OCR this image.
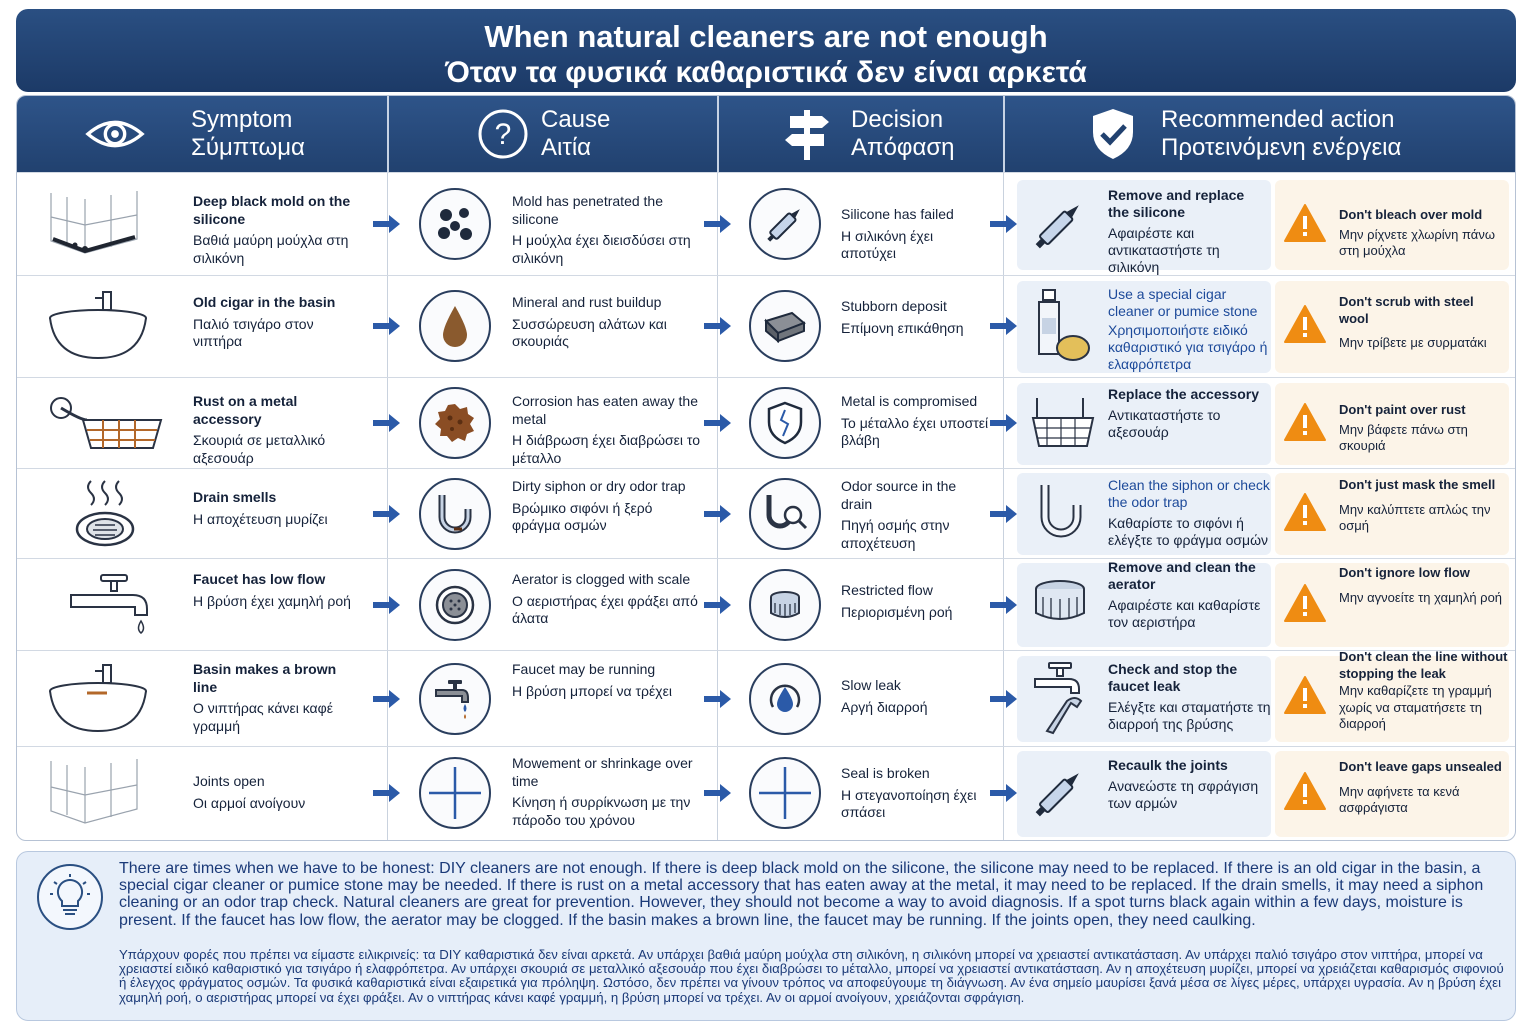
When natural cleaners are not enough
Όταν τα φυσικά καθαριστικά δεν είναι αρκετά
Symptom
Σύμπτωμα	? Cause
Αιτία
Decision
Απόφαση
Recommended action
Προτεινόμενη ενέργεια
Deep black mold on the silicone
Βαθιά μαύρη μούχλα στη σιλικόνη
Mold has penetrated the silicone
Η μούχλα έχει διεισδύσει στη σιλικόνη
Silicone has failed
Η σιλικόνη έχει αποτύχει
Remove and replace the silicone
Αφαιρέστε και αντικαταστήστε τη σιλικόνη
Don't bleach over mold
Μην ρίχνετε χλωρίνη πάνω στη μούχλα
Old cigar in the basin
Παλιό τσιγάρο στον νιπτήρα
Mineral and rust buildup
Συσσώρευση αλάτων και σκουριάς
Stubborn deposit
Επίμονη επικάθηση
Use a special cigar cleaner or pumice stone
Χρησιμοποιήστε ειδικό καθαριστικό για τσιγάρο ή ελαφρόπετρα
Don't scrub with steel wool
Μην τρίβετε με συρματάκι
Rust on a metal accessory
Σκουριά σε μεταλλικό αξεσουάρ
Corrosion has eaten away the metal
Η διάβρωση έχει διαβρώσει το μέταλλο
Metal is compromised
Το μέταλλο έχει υποστεί βλάβη
Replace the accessory
Αντικαταστήστε το αξεσουάρ
Don't paint over rust
Μην βάφετε πάνω στη σκουριά
Drain smells
Η αποχέτευση μυρίζει
Dirty siphon or dry odor trap
Βρώμικο σιφόνι ή ξερό φράγμα οσμών
Odor source in the drain
Πηγή οσμής στην αποχέτευση
Clean the siphon or check the odor trap
Καθαρίστε το σιφόνι ή ελέγξτε το φράγμα οσμών
Don't just mask the smell
Μην καλύπτετε απλώς την οσμή
Faucet has low flow
Η βρύση έχει χαμηλή ροή
Aerator is clogged with scale
Ο αεριστήρας έχει φράξει από άλατα
Restricted flow
Περιορισμένη ροή
Remove and clean the aerator
Αφαιρέστε και καθαρίστε τον αεριστήρα
Don't ignore low flow
Μην αγνοείτε τη χαμηλή ροή
Basin makes a brown line
Ο νιπτήρας κάνει καφέ γραμμή
Faucet may be running
Η βρύση μπορεί να τρέχει	Slow leak
Αργή διαρροή
Check and stop the faucet leak
Ελέγξτε και σταματήστε τη διαρροή της βρύσης
Don't clean the line without stopping the leak
Μην καθαρίζετε τη γραμμή χωρίς να σταματήσετε τη διαρροή
Joints open
Οι αρμοί ανοίγουν
Mowement or shrinkage over time
Κίνηση ή συρρίκνωση με την πάροδο του χρόνου
Seal is broken
Η στεγανοποίηση έχει σπάσει
Recaulk the joints
Ανανεώστε τη σφράγιση των αρμών
Don't leave gaps unsealed
Μην αφήνετε τα κενά ασφράγιστα
There are times when we have to be honest: DIY cleaners are not enough. If there is deep black mold on the silicone, the silicone may need to be replaced. If there is an old cigar in the basin, a special cigar cleaner or pumice stone may be needed. If there is rust on a metal accessory that has eaten away at the metal, it may need to be replaced. If the drain smells, it may need a siphon cleaning or an odor trap check. Natural cleaners are great for prevention. However, they should not become a way to avoid diagnosis. If a spot turns black again within a few days, moisture is present. If the faucet has low flow, the aerator may be clogged. If the basin makes a brown line, the faucet may be running. If the joints open, they need caulking.
Υπάρχουν φορές που πρέπει να είμαστε ειλικρινείς: τα DIY καθαριστικά δεν είναι αρκετά. Αν υπάρχει βαθιά μαύρη μούχλα στη σιλικόνη, η σιλικόνη μπορεί να χρειαστεί αντικατάσταση. Αν υπάρχει παλιό τσιγάρο στον νιπτήρα, μπορεί να χρειαστεί ειδικό καθαριστικό για τσιγάρο ή ελαφρόπετρα. Αν υπάρχει σκουριά σε μεταλλικό αξεσουάρ που έχει διαβρώσει το μέταλλο, μπορεί να χρειαστεί αντικατάσταση. Αν η αποχέτευση μυρίζει, μπορεί να χρειάζεται καθαρισμός σιφονιού ή έλεγχος φράγματος οσμών. Τα φυσικά καθαριστικά είναι εξαιρετικά για πρόληψη. Ωστόσο, δεν πρέπει να γίνουν τρόπος να αποφεύγουμε τη διάγνωση. Αν ένα σημείο μαυρίσει ξανά μέσα σε λίγες μέρες, υπάρχει υγρασία. Αν η βρύση έχει χαμηλή ροή, ο αεριστήρας μπορεί να έχει φράξει. Αν ο νιπτήρας κάνει καφέ γραμμή, η βρύση μπορεί να τρέχει. Αν οι αρμοί ανοίγουν, χρειάζονται σφράγιση.
